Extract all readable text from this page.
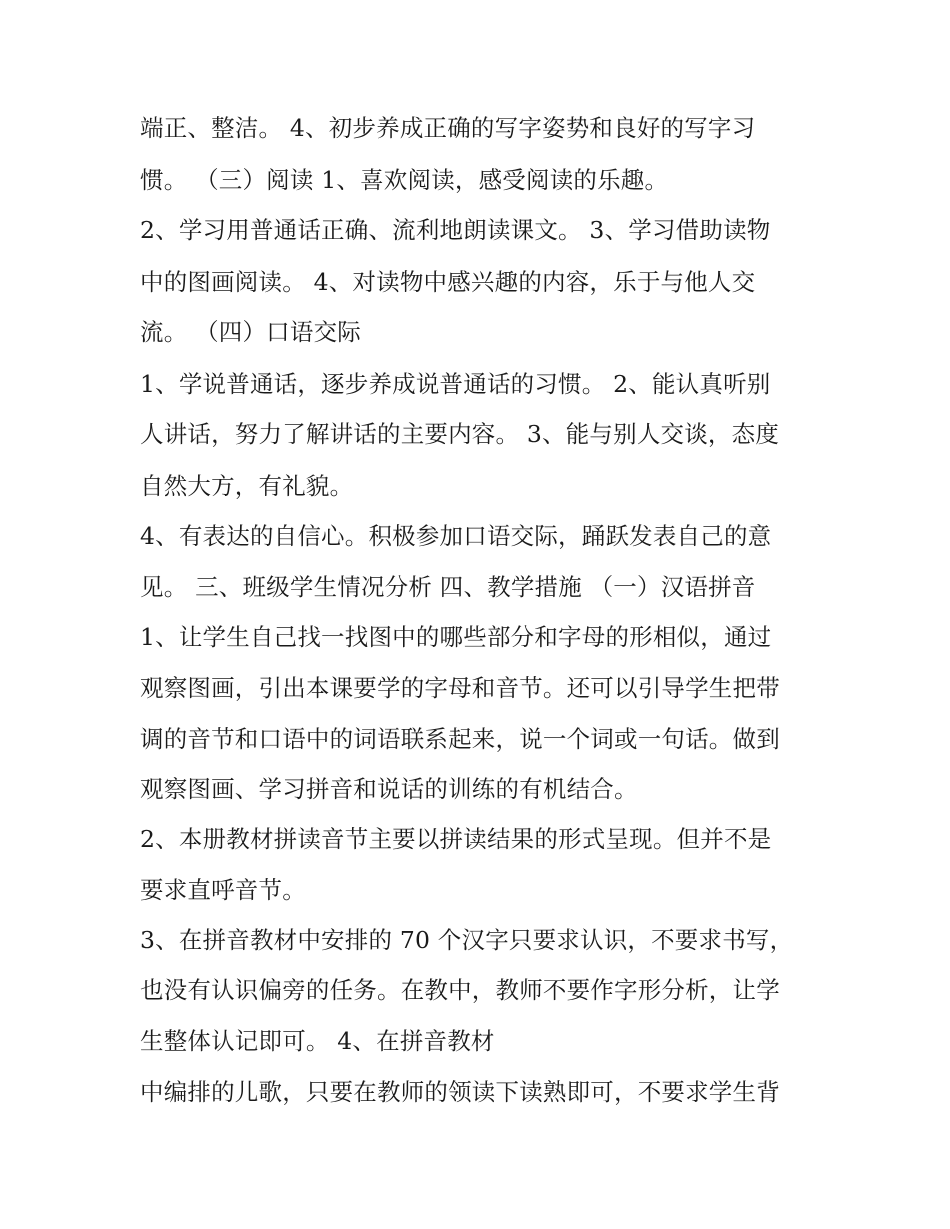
端正、整洁。 4、初步养成正确的写字姿势和良好的写字习
惯。 （三）阅读 1、喜欢阅读，感受阅读的乐趣。
2、学习用普通话正确、流利地朗读课文。 3、学习借助读物
中的图画阅读。 4、对读物中感兴趣的内容，乐于与他人交
流。 （四）口语交际
1、学说普通话，逐步养成说普通话的习惯。 2、能认真听别
人讲话，努力了解讲话的主要内容。 3、能与别人交谈，态度
自然大方，有礼貌。
4、有表达的自信心。积极参加口语交际，踊跃发表自己的意
见。 三、班级学生情况分析 四、教学措施 （一）汉语拼音
1、让学生自己找一找图中的哪些部分和字母的形相似，通过
观察图画，引出本课要学的字母和音节。还可以引导学生把带
调的音节和口语中的词语联系起来，说一个词或一句话。做到
观察图画、学习拼音和说话的训练的有机结合。
2、本册教材拼读音节主要以拼读结果的形式呈现。但并不是
要求直呼音节。
3、在拼音教材中安排的 70 个汉字只要求认识，不要求书写，
也没有认识偏旁的任务。在教中，教师不要作字形分析，让学
生整体认记即可。 4、在拼音教材
中编排的儿歌，只要在教师的领读下读熟即可，不要求学生背
